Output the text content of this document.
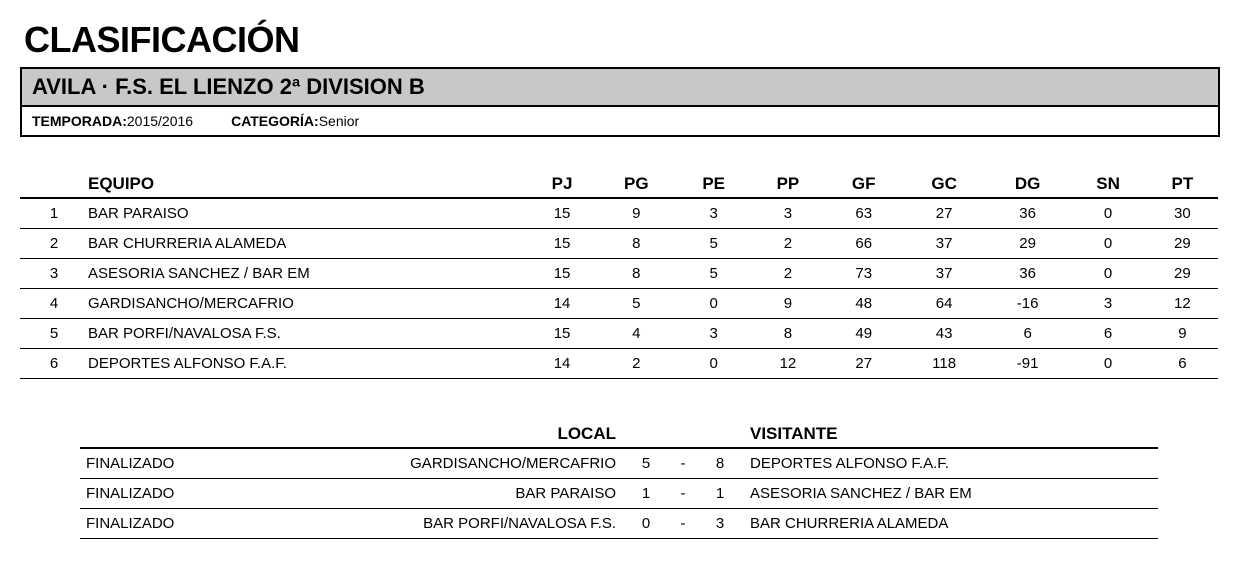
CLASIFICACIÓN
AVILA · F.S. EL LIENZO 2ª DIVISION B
TEMPORADA:2015/2016	CATEGORÍA:Senior
	EQUIPO	PJ	PG	PE	PP	GF	GC	DG	SN	PT
1	BAR PARAISO	15	9	3	3	63	27	36	0	30
2	BAR CHURRERIA ALAMEDA	15	8	5	2	66	37	29	0	29
3	ASESORIA SANCHEZ / BAR EM	15	8	5	2	73	37	36	0	29
4	GARDISANCHO/MERCAFRIO	14	5	0	9	48	64	-16	3	12
5	BAR PORFI/NAVALOSA F.S.	15	4	3	8	49	43	6	6	9
6	DEPORTES ALFONSO F.A.F.	14	2	0	12	27	118	-91	0	6
	LOCAL				VISITANTE
FINALIZADO	GARDISANCHO/MERCAFRIO	5	-	8	DEPORTES ALFONSO F.A.F.
FINALIZADO	BAR PARAISO	1	-	1	ASESORIA SANCHEZ / BAR EM
FINALIZADO	BAR PORFI/NAVALOSA F.S.	0	-	3	BAR CHURRERIA ALAMEDA
